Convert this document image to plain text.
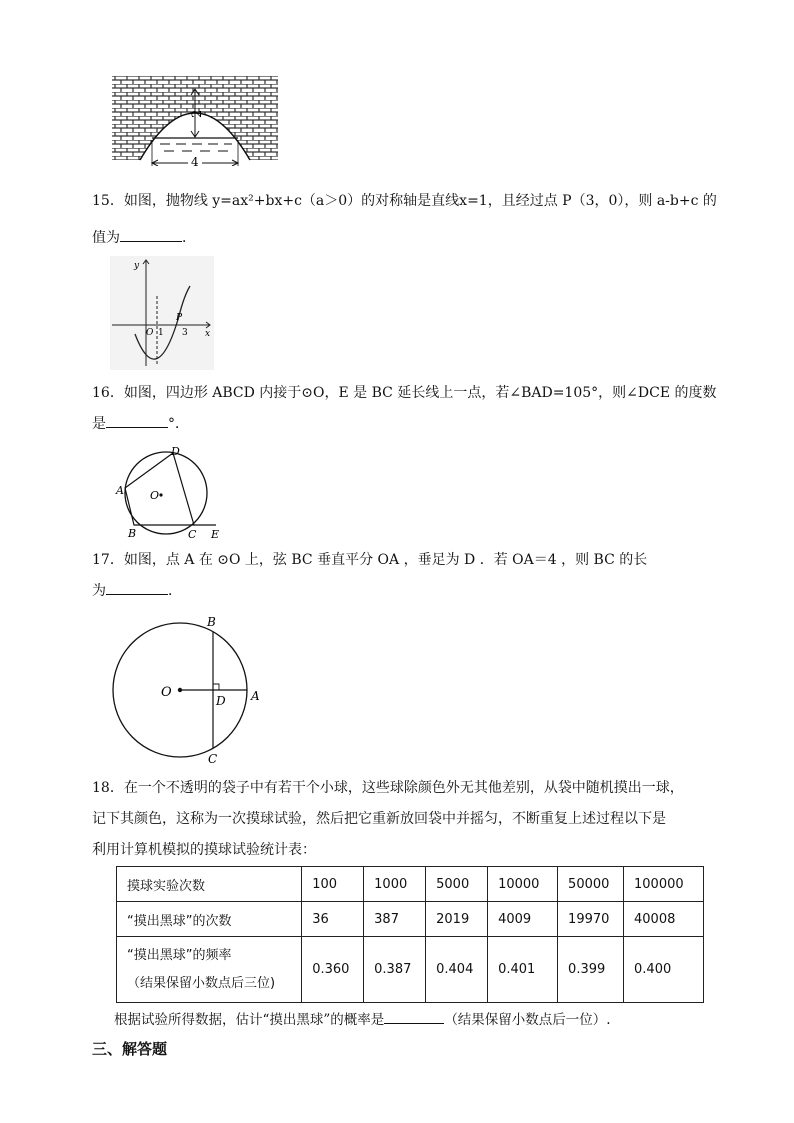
2
4
15．如图，抛物线 y=ax²+bx+c（a＞0）的对称轴是直线x=1，且经过点 P（3，0），则 a-b+c 的
值为	．
y
x
O 1 3
P
16．如图，四边形 ABCD 内接于⊙O，E 是 BC 延长线上一点，若∠BAD=105°，则∠DCE 的度数
是	°．
A
D
B	C E
O
17．如图，点 A 在 ⊙O 上，弦 BC 垂直平分 OA ，垂足为 D ．若 OA＝4 ，则 BC 的长
为	．
O
B
C
D A
18．在一个不透明的袋子中有若干个小球，这些球除颜色外无其他差别，从袋中随机摸出一球，
记下其颜色，这称为一次摸球试验，然后把它重新放回袋中并摇匀，不断重复上述过程以下是
利用计算机模拟的摸球试验统计表：
摸球实验次数	100	1000	5000	10000	50000	100000
“摸出黑球”的次数	36	387	2019	4009	19970	40008

“摸出黑球”的频率
（结果保留小数点后三位)	0.360	0.387	0.404	0.401	0.399	0.400
根据试验所得数据，估计“摸出黑球”的概率是	（结果保留小数点后一位）.
三、解答题
